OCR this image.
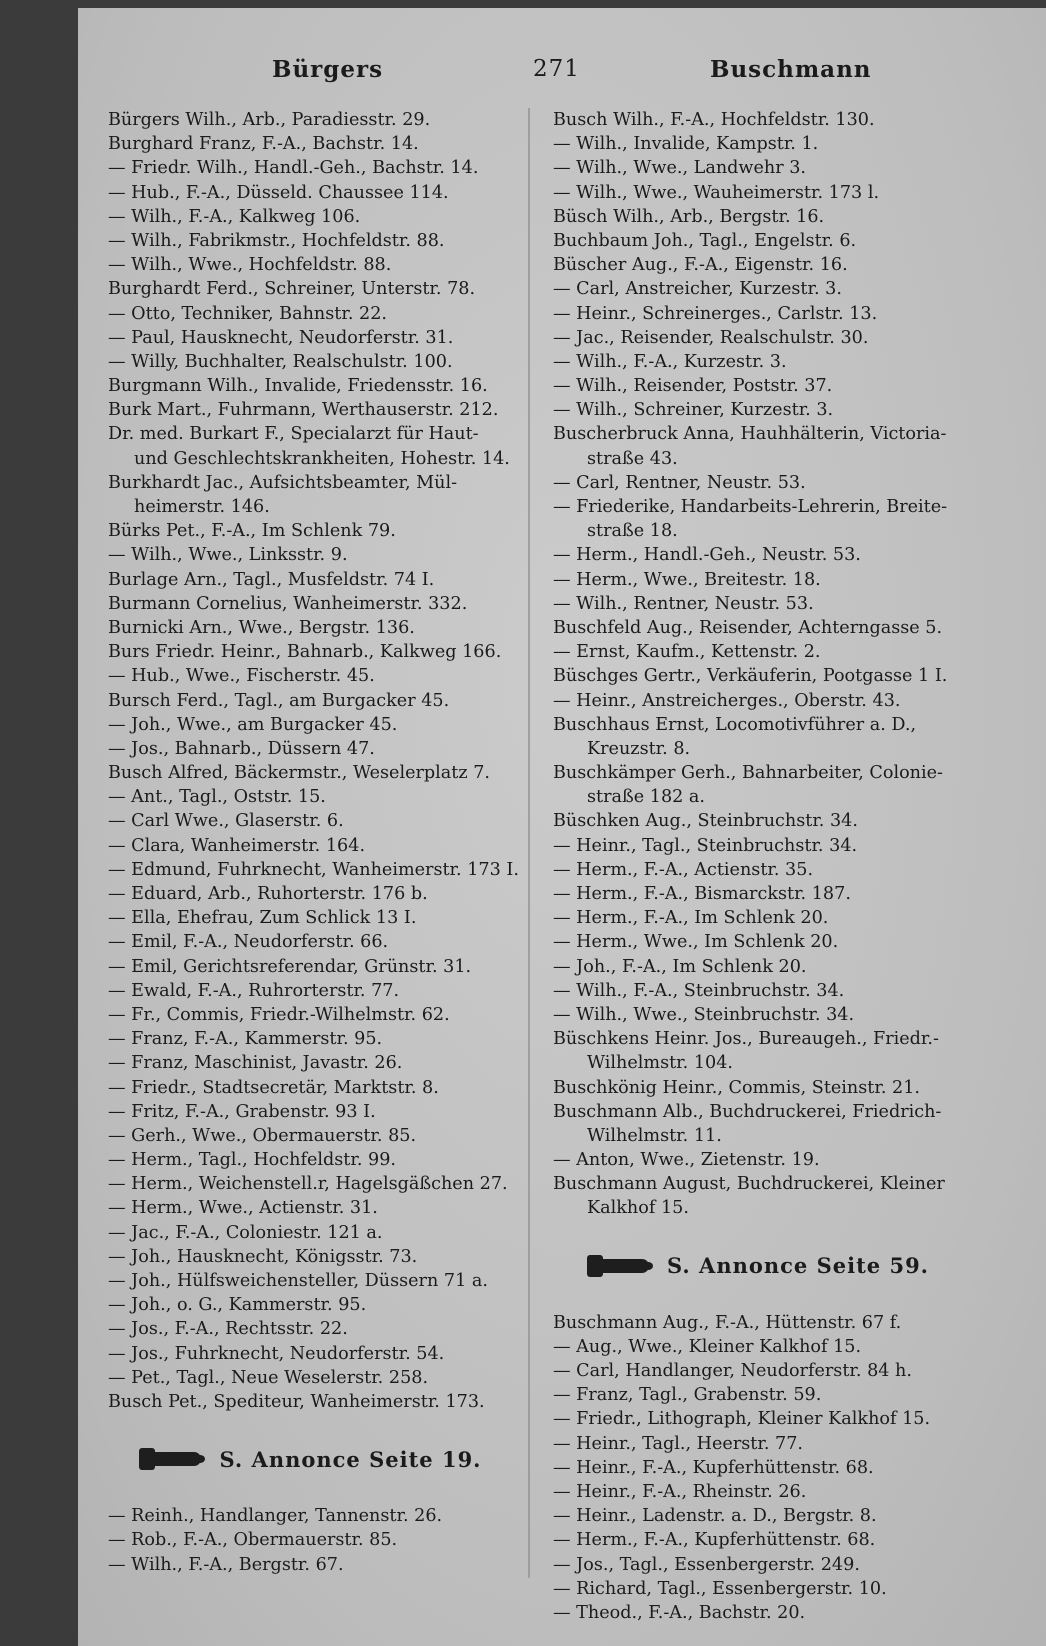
Bürgers	271	Buschmann
Bürgers Wilh., Arb., Paradiesstr. 29.
Burghard Franz, F.-A., Bachstr. 14.
— Friedr. Wilh., Handl.-Geh., Bachstr. 14.
— Hub., F.-A., Düsseld. Chaussee 114.
— Wilh., F.-A., Kalkweg 106.
— Wilh., Fabrikmstr., Hochfeldstr. 88.
— Wilh., Wwe., Hochfeldstr. 88.
Burghardt Ferd., Schreiner, Unterstr. 78.
— Otto, Techniker, Bahnstr. 22.
— Paul, Hausknecht, Neudorferstr. 31.
— Willy, Buchhalter, Realschulstr. 100.
Burgmann Wilh., Invalide, Friedensstr. 16.
Burk Mart., Fuhrmann, Werthauserstr. 212.
Dr. med. Burkart F., Specialarzt für Haut-
und Geschlechtskrankheiten, Hohestr. 14.
Burkhardt Jac., Aufsichtsbeamter, Mül-
heimerstr. 146.
Bürks Pet., F.-A., Im Schlenk 79.
— Wilh., Wwe., Linksstr. 9.
Burlage Arn., Tagl., Musfeldstr. 74 I.
Burmann Cornelius, Wanheimerstr. 332.
Burnicki Arn., Wwe., Bergstr. 136.
Burs Friedr. Heinr., Bahnarb., Kalkweg 166.
— Hub., Wwe., Fischerstr. 45.
Bursch Ferd., Tagl., am Burgacker 45.
— Joh., Wwe., am Burgacker 45.
— Jos., Bahnarb., Düssern 47.
Busch Alfred, Bäckermstr., Weselerplatz 7.
— Ant., Tagl., Oststr. 15.
— Carl Wwe., Glaserstr. 6.
— Clara, Wanheimerstr. 164.
— Edmund, Fuhrknecht, Wanheimerstr. 173 I.
— Eduard, Arb., Ruhorterstr. 176 b.
— Ella, Ehefrau, Zum Schlick 13 I.
— Emil, F.-A., Neudorferstr. 66.
— Emil, Gerichtsreferendar, Grünstr. 31.
— Ewald, F.-A., Ruhrorterstr. 77.
— Fr., Commis, Friedr.-Wilhelmstr. 62.
— Franz, F.-A., Kammerstr. 95.
— Franz, Maschinist, Javastr. 26.
— Friedr., Stadtsecretär, Marktstr. 8.
— Fritz, F.-A., Grabenstr. 93 I.
— Gerh., Wwe., Obermauerstr. 85.
— Herm., Tagl., Hochfeldstr. 99.
— Herm., Weichenstell.r, Hagelsgäßchen 27.
— Herm., Wwe., Actienstr. 31.
— Jac., F.-A., Coloniestr. 121 a.
— Joh., Hausknecht, Königsstr. 73.
— Joh., Hülfsweichensteller, Düssern 71 a.
— Joh., o. G., Kammerstr. 95.
— Jos., F.-A., Rechtsstr. 22.
— Jos., Fuhrknecht, Neudorferstr. 54.
— Pet., Tagl., Neue Weselerstr. 258.
Busch Pet., Spediteur, Wanheimerstr. 173.
S. Annonce Seite 19.
— Reinh., Handlanger, Tannenstr. 26.
— Rob., F.-A., Obermauerstr. 85.
— Wilh., F.-A., Bergstr. 67.
Busch Wilh., F.-A., Hochfeldstr. 130.
— Wilh., Invalide, Kampstr. 1.
— Wilh., Wwe., Landwehr 3.
— Wilh., Wwe., Wauheimerstr. 173 l.
Büsch Wilh., Arb., Bergstr. 16.
Buchbaum Joh., Tagl., Engelstr. 6.
Büscher Aug., F.-A., Eigenstr. 16.
— Carl, Anstreicher, Kurzestr. 3.
— Heinr., Schreinerges., Carlstr. 13.
— Jac., Reisender, Realschulstr. 30.
— Wilh., F.-A., Kurzestr. 3.
— Wilh., Reisender, Poststr. 37.
— Wilh., Schreiner, Kurzestr. 3.
Buscherbruck Anna, Hauhhälterin, Victoria-
straße 43.
— Carl, Rentner, Neustr. 53.
— Friederike, Handarbeits-Lehrerin, Breite-
straße 18.
— Herm., Handl.-Geh., Neustr. 53.
— Herm., Wwe., Breitestr. 18.
— Wilh., Rentner, Neustr. 53.
Buschfeld Aug., Reisender, Achterngasse 5.
— Ernst, Kaufm., Kettenstr. 2.
Büschges Gertr., Verkäuferin, Pootgasse 1 I.
— Heinr., Anstreicherges., Oberstr. 43.
Buschhaus Ernst, Locomotivführer a. D.,
Kreuzstr. 8.
Buschkämper Gerh., Bahnarbeiter, Colonie-
straße 182 a.
Büschken Aug., Steinbruchstr. 34.
— Heinr., Tagl., Steinbruchstr. 34.
— Herm., F.-A., Actienstr. 35.
— Herm., F.-A., Bismarckstr. 187.
— Herm., F.-A., Im Schlenk 20.
— Herm., Wwe., Im Schlenk 20.
— Joh., F.-A., Im Schlenk 20.
— Wilh., F.-A., Steinbruchstr. 34.
— Wilh., Wwe., Steinbruchstr. 34.
Büschkens Heinr. Jos., Bureaugeh., Friedr.-
Wilhelmstr. 104.
Buschkönig Heinr., Commis, Steinstr. 21.
Buschmann Alb., Buchdruckerei, Friedrich-
Wilhelmstr. 11.
— Anton, Wwe., Zietenstr. 19.
Buschmann August, Buchdruckerei, Kleiner
Kalkhof 15.
S. Annonce Seite 59.
Buschmann Aug., F.-A., Hüttenstr. 67 f.
— Aug., Wwe., Kleiner Kalkhof 15.
— Carl, Handlanger, Neudorferstr. 84 h.
— Franz, Tagl., Grabenstr. 59.
— Friedr., Lithograph, Kleiner Kalkhof 15.
— Heinr., Tagl., Heerstr. 77.
— Heinr., F.-A., Kupferhüttenstr. 68.
— Heinr., F.-A., Rheinstr. 26.
— Heinr., Ladenstr. a. D., Bergstr. 8.
— Herm., F.-A., Kupferhüttenstr. 68.
— Jos., Tagl., Essenbergerstr. 249.
— Richard, Tagl., Essenbergerstr. 10.
— Theod., F.-A., Bachstr. 20.
